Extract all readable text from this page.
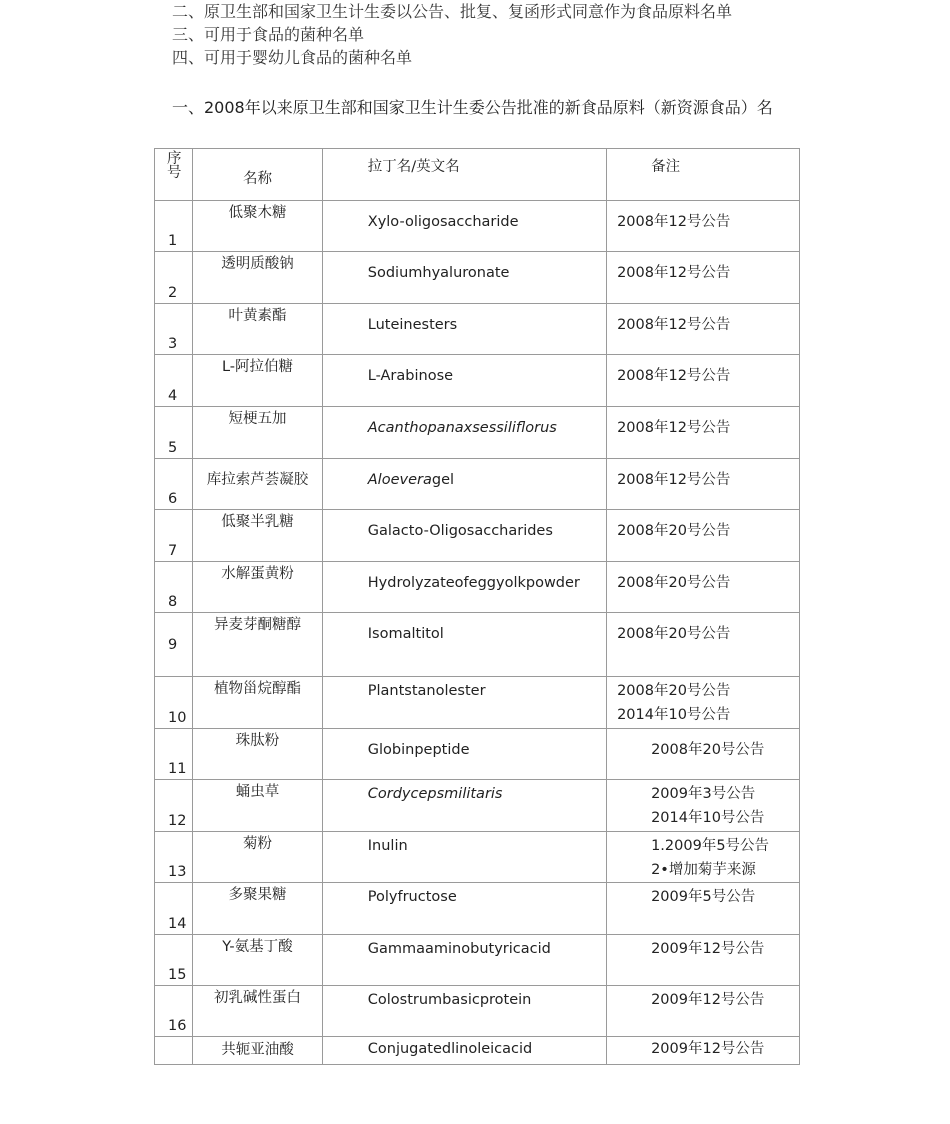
二、原卫生部和国家卫生计生委以公告、批复、复函形式同意作为食品原料名单
三、可用于食品的菌种名单
四、可用于婴幼儿食品的菌种名单
一、2008年以来原卫生部和国家卫生计生委公告批准的新食品原料（新资源食品）名
序号	名称	拉丁名/英文名	备注

1	低聚木糖	Xylo-oligosaccharide	2008年12号公告

2	透明质酸钠	Sodiumhyaluronate	2008年12号公告

3	叶黄素酯	Luteinesters	2008年12号公告

4	L-阿拉伯糖	L-Arabinose	2008年12号公告

5	短梗五加	Acanthopanaxsessiliflorus	2008年12号公告

6	库拉索芦荟凝胶	Aloeveragel	2008年12号公告

7	低聚半乳糖	Galacto-Oligosaccharides	2008年20号公告

8	水解蛋黄粉	Hydrolyzateofeggyolkpowder	2008年20号公告

9	异麦芽酮糖醇	Isomaltitol	2008年20号公告

10	植物甾烷醇酯	Plantstanolester	2008年20号公告
2014年10号公告

11	珠肽粉	Globinpeptide	2008年20号公告

12	蛹虫草	Cordycepsmilitaris	2009年3号公告
2014年10号公告

13	菊粉	Inulin	1.2009年5号公告
2•增加菊芋来源

14	多聚果糖	Polyfructose	2009年5号公告

15	Y-氨基丁酸	Gammaaminobutyricacid	2009年12号公告

16	初乳碱性蛋白	Colostrumbasicprotein	2009年12号公告

	共轭亚油酸	Conjugatedlinoleicacid	2009年12号公告
